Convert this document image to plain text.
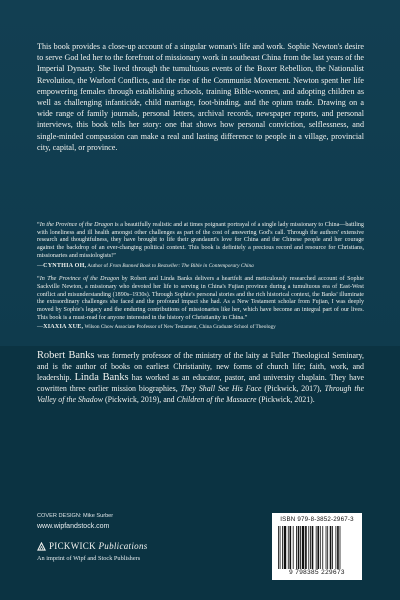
This book provides a close-up account of a singular woman's life and work. Sophie Newton's desire to serve God led her to the forefront of missionary work in southeast China from the last years of the Imperial Dynasty. She lived through the tumultuous events of the Boxer Rebellion, the Nationalist Revolution, the Warlord Conflicts, and the rise of the Communist Movement. Newton spent her life empowering females through establishing schools, training Bible-women, and adopting children as well as challenging infanticide, child marriage, foot-binding, and the opium trade. Drawing on a wide range of family journals, personal letters, archival records, newspaper reports, and personal interviews, this book tells her story: one that shows how personal conviction, selflessness, and single-minded compassion can make a real and lasting difference to people in a village, provincial city, capital, or province.

“In the Province of the Dragon is a beautifully realistic and at times poignant portrayal of a single lady missionary to China—battling with loneliness and ill health amongst other challenges as part of the cost of answering God's call. Through the authors' extensive research and thoughtfulness, they have brought to life their grandaunt's love for China and the Chinese people and her courage against the backdrop of an ever-changing political context. This book is definitely a precious record and resource for Christians, missionaries and missiologists!”

—CYNTHIA OH, Author of From Banned Book to Bestseller: The Bible in Contemporary China

“In The Province of the Dragon by Robert and Linda Banks delivers a heartfelt and meticulously researched account of Sophie Sackville Newton, a missionary who devoted her life to serving in China's Fujian province during a tumultuous era of East-West conflict and misunderstanding (1890s–1930s). Through Sophie's personal stories and the rich historical context, the Banks' illuminate the extraordinary challenges she faced and the profound impact she had. As a New Testament scholar from Fujian, I was deeply moved by Sophie's legacy and the enduring contributions of missionaries like her, which have become an integral part of our lives. This book is a must-read for anyone interested in the history of Christianity in China.”

—XIAXIA XUE, Wilson Chow Associate Professor of New Testament, China Graduate School of Theology

Robert Banks was formerly professor of the ministry of the laity at Fuller Theological Seminary, and is the author of books on earliest Christianity, new forms of church life; faith, work, and leadership. Linda Banks has worked as an educator, pastor, and university chaplain. They have cowritten three earlier mission biographies, They Shall See His Face (Pickwick, 2017), Through the Valley of the Shadow (Pickwick, 2019), and Children of the Massacre (Pickwick, 2021).

COVER DESIGN: Mike Surber
www.wipfandstock.com
PICKWICK Publications
An imprint of Wipf and Stock Publishers
ISBN 979-8-3852-2967-3
9 798385 229673
